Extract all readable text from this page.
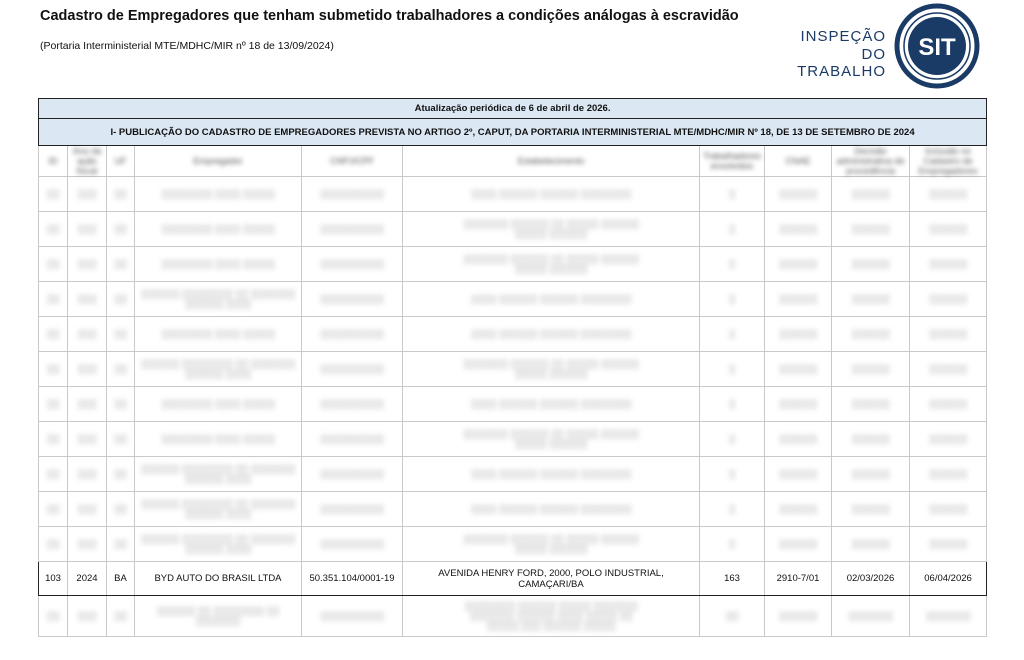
Cadastro de Empregadores que tenham submetido trabalhadores a condições análogas à escravidão
(Portaria Interministerial MTE/MDHC/MIR nº 18 de 13/09/2024)
INSPEÇÃO
DO TRABALHO
SIT
Atualização periódica de 6 de abril de 2026.									
I- PUBLICAÇÃO DO CADASTRO DE EMPREGADORES PREVISTA NO ARTIGO 2º, CAPUT, DA PORTARIA INTERMINISTERIAL MTE/MDHC/MIR Nº 18, DE 13 DE SETEMBRO DE 2024									
ID	Ano da ação fiscal	UF	Empregador	CNPJ/CPF	Estabelecimento	Trabalhadores envolvidos	CNAE	Decisão administrativa de procedência	Inclusão no Cadastro de Empregadores
░░	░░░	░░	░░░░░░░░ ░░░░ ░░░░░	░░░░░░░░░░	░░░░ ░░░░░░ ░░░░░░ ░░░░░░░░	░	░░░░░░	░░░░░░	░░░░░░
░░	░░░	░░	░░░░░░░░ ░░░░ ░░░░░	░░░░░░░░░░	░░░░░░░ ░░░░░░ ░░ ░░░░░ ░░░░░░
░░░░░ ░░░░░░	░	░░░░░░	░░░░░░	░░░░░░
░░	░░░	░░	░░░░░░░░ ░░░░ ░░░░░	░░░░░░░░░░	░░░░░░░ ░░░░░░ ░░ ░░░░░ ░░░░░░
░░░░░ ░░░░░░	░	░░░░░░	░░░░░░	░░░░░░
░░	░░░	░░	░░░░░░ ░░░░░░░░ ░░ ░░░░░░░
░░░░░░ ░░░░	░░░░░░░░░░	░░░░ ░░░░░░ ░░░░░░ ░░░░░░░░	░	░░░░░░	░░░░░░	░░░░░░
░░	░░░	░░	░░░░░░░░ ░░░░ ░░░░░	░░░░░░░░░░	░░░░ ░░░░░░ ░░░░░░ ░░░░░░░░	░	░░░░░░	░░░░░░	░░░░░░
░░	░░░	░░	░░░░░░ ░░░░░░░░ ░░ ░░░░░░░
░░░░░░ ░░░░	░░░░░░░░░░	░░░░░░░ ░░░░░░ ░░ ░░░░░ ░░░░░░
░░░░░ ░░░░░░	░	░░░░░░	░░░░░░	░░░░░░
░░	░░░	░░	░░░░░░░░ ░░░░ ░░░░░	░░░░░░░░░░	░░░░ ░░░░░░ ░░░░░░ ░░░░░░░░	░	░░░░░░	░░░░░░	░░░░░░
░░	░░░	░░	░░░░░░░░ ░░░░ ░░░░░	░░░░░░░░░░	░░░░░░░ ░░░░░░ ░░ ░░░░░ ░░░░░░
░░░░░ ░░░░░░	░	░░░░░░	░░░░░░	░░░░░░
░░	░░░	░░	░░░░░░ ░░░░░░░░ ░░ ░░░░░░░
░░░░░░ ░░░░	░░░░░░░░░░	░░░░ ░░░░░░ ░░░░░░ ░░░░░░░░	░	░░░░░░	░░░░░░	░░░░░░
░░	░░░	░░	░░░░░░ ░░░░░░░░ ░░ ░░░░░░░
░░░░░░ ░░░░	░░░░░░░░░░	░░░░ ░░░░░░ ░░░░░░ ░░░░░░░░	░	░░░░░░	░░░░░░	░░░░░░
░░	░░░	░░	░░░░░░ ░░░░░░░░ ░░ ░░░░░░░
░░░░░░ ░░░░	░░░░░░░░░░	░░░░░░░ ░░░░░░ ░░ ░░░░░ ░░░░░░
░░░░░ ░░░░░░	░	░░░░░░	░░░░░░	░░░░░░
103	2024	BA	BYD AUTO DO BRASIL LTDA	50.351.104/0001-19	AVENIDA HENRY FORD, 2000, POLO INDUSTRIAL, CAMAÇARI/BA	163	2910-7/01	02/03/2026	06/04/2026
░░	░░░	░░	░░░░░░ ░░ ░░░░░░░░ ░░
░░░░░░░	░░░░░░░░░░	░░░░░░░░ ░░░░░░ ░░░░░ ░░░░░░░
░░░░░░░ ░░░░░░ ░░░░ ░░░░░ ░░
░░░░░ ░░░ ░░░░░░ ░░░░░	░░	░░░░░░	░░░░░░░	░░░░░░░
